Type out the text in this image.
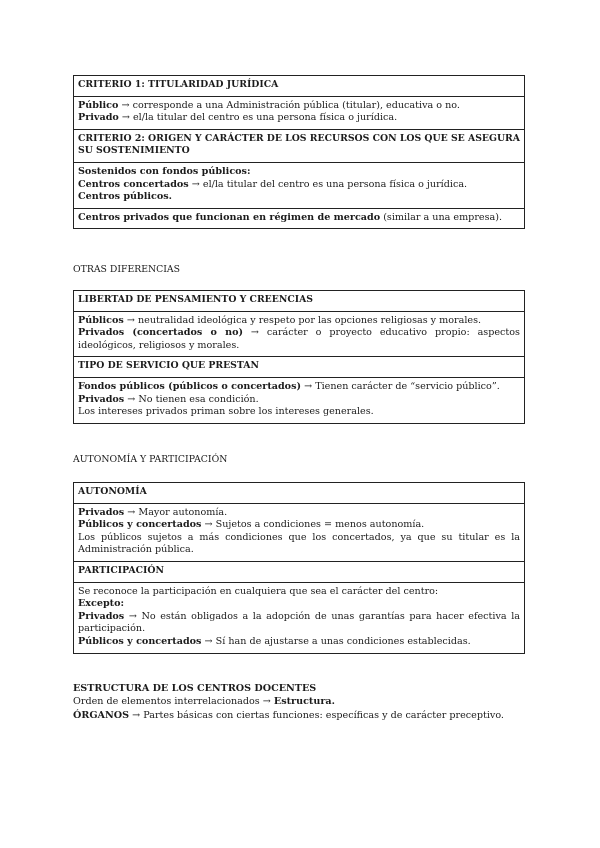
CRITERIO 1: TITULARIDAD JURÍDICA

Público → corresponde a una Administración pública (titular), educativa o no.
Privado → el/la titular del centro es una persona física o jurídica.

CRITERIO 2: ORIGEN Y CARÁCTER DE LOS RECURSOS CON LOS QUE SE ASEGURA SU SOSTENIMIENTO

Sostenidos con fondos públicos:
Centros concertados → el/la titular del centro es una persona física o jurídica.
Centros públicos.

Centros privados que funcionan en régimen de mercado (similar a una empresa).

OTRAS DIFERENCIAS

LIBERTAD DE PENSAMIENTO Y CREENCIAS

Públicos → neutralidad ideológica y respeto por las opciones religiosas y morales.
Privados (concertados o no) → carácter o proyecto educativo propio: aspectos ideológicos, religiosos y morales.

TIPO DE SERVICIO QUE PRESTAN

Fondos públicos (públicos o concertados) → Tienen carácter de “servicio público”.
Privados → No tienen esa condición.
Los intereses privados priman sobre los intereses generales.

AUTONOMÍA Y PARTICIPACIÓN

AUTONOMÍA

Privados → Mayor autonomía.
Públicos y concertados → Sujetos a condiciones = menos autonomía.
Los públicos sujetos a más condiciones que los concertados, ya que su titular es la Administración pública.

PARTICIPACIÓN

Se reconoce la participación en cualquiera que sea el carácter del centro:
Excepto:
Privados → No están obligados a la adopción de unas garantías para hacer efectiva la participación.
Públicos y concertados → Sí han de ajustarse a unas condiciones establecidas.
ESTRUCTURA DE LOS CENTROS DOCENTES
Orden de elementos interrelacionados → Estructura.
ÓRGANOS → Partes básicas con ciertas funciones: específicas y de carácter preceptivo.
